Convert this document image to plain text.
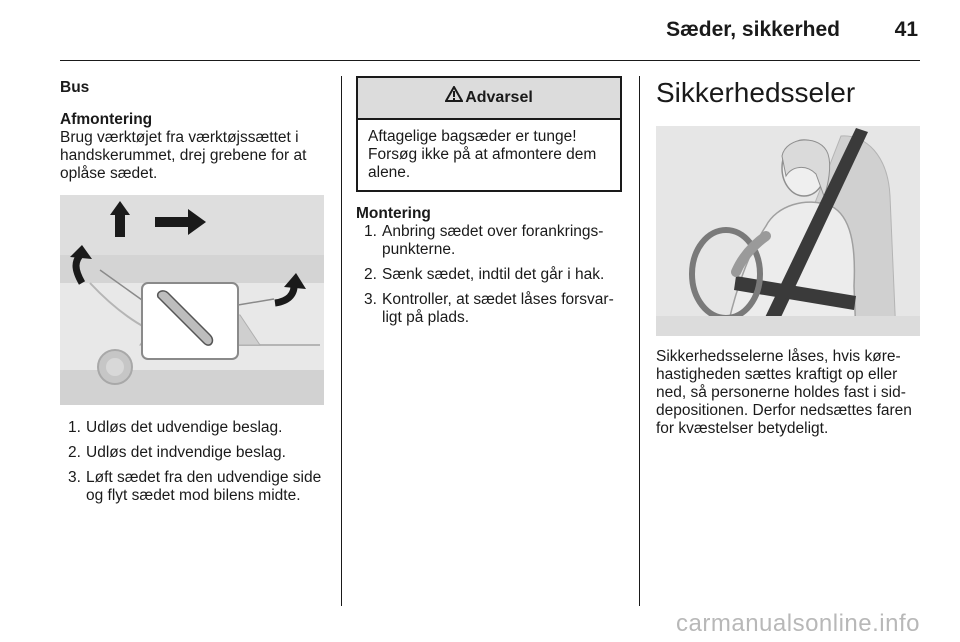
Sæder, sikkerhed	41

Bus

Afmontering

Brug værktøjet fra værktøjssættet i handskerummet, drej grebene for at oplåse sædet.

1. Udløs det udvendige beslag.
2. Udløs det indvendige beslag.
3. Løft sædet fra den udvendige side og flyt sædet mod bilens midte.
Advarsel
Aftagelige bagsæder er tunge! Forsøg ikke på at afmontere dem alene.

Montering

1. Anbring sædet over forankrings-punkterne.
2. Sænk sædet, indtil det går i hak.
3. Kontroller, at sædet låses forsvar-ligt på plads.
Sikkerhedsseler

Sikkerhedsselerne låses, hvis køre-hastigheden sættes kraftigt op eller ned, så personerne holdes fast i sid-depositionen. Derfor nedsættes faren for kvæstelser betydeligt.

carmanualsonline.info
